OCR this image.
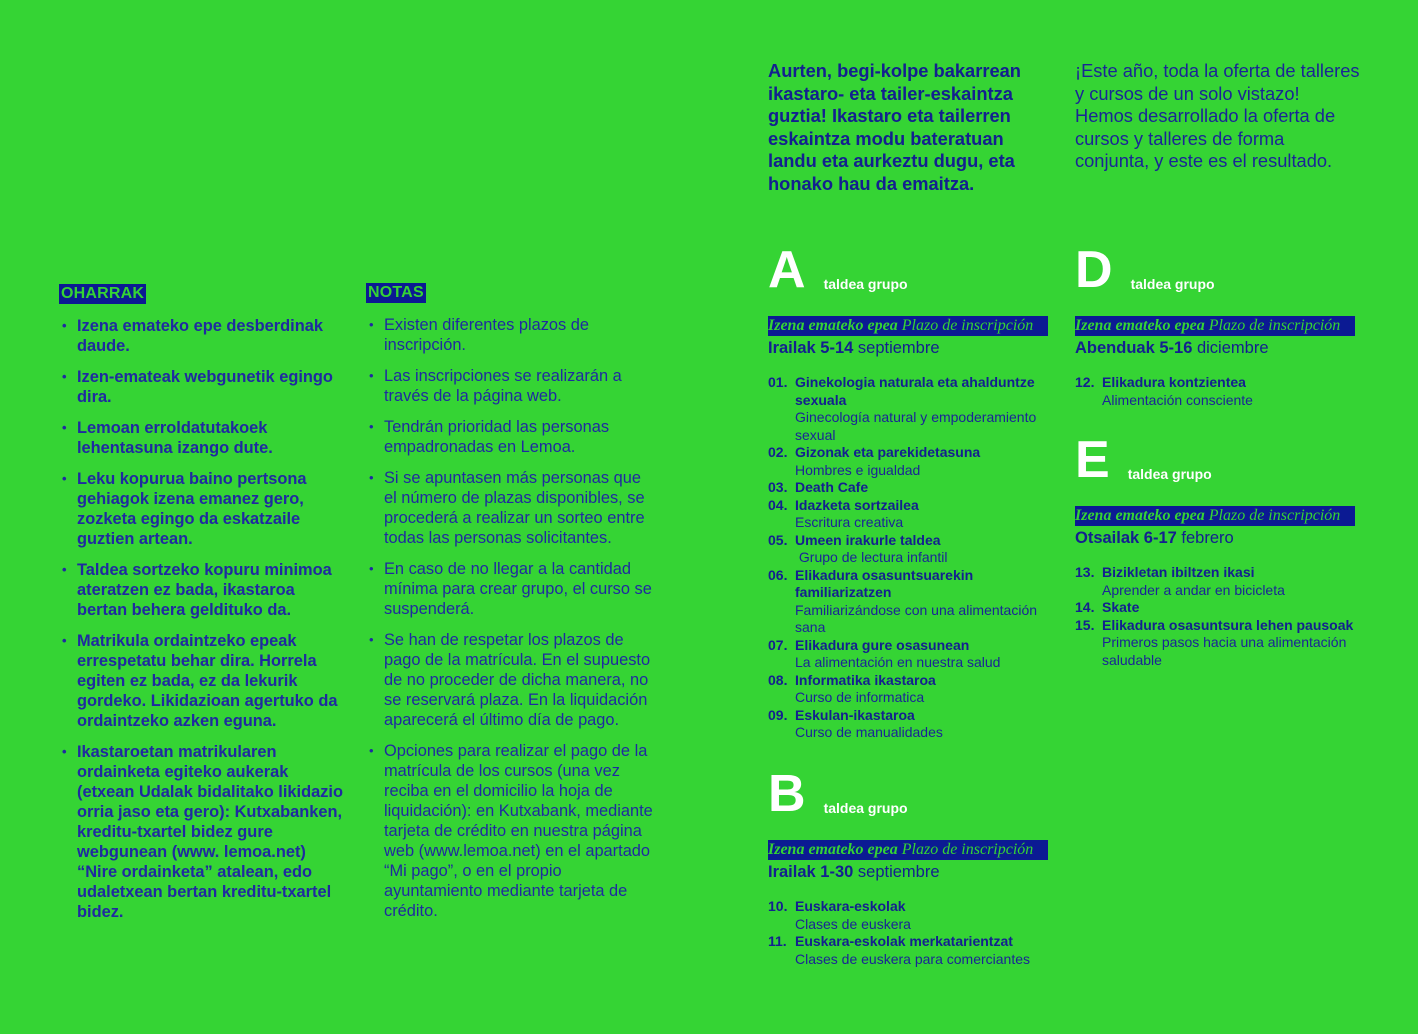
OHARRAK
• Izena emateko epe desberdinak daude.
• Izen-emateak webgunetik egingo dira.
• Lemoan erroldatutakoek lehentasuna izango dute.
• Leku kopurua baino pertsona gehiagok izena emanez gero, zozketa egingo da eskatzaile guztien artean.
• Taldea sortzeko kopuru minimoa ateratzen ez bada, ikastaroa bertan behera geldituko da.
• Matrikula ordaintzeko epeak errespetatu behar dira. Horrela egiten ez bada, ez da lekurik gordeko. Likidazioan agertuko da ordaintzeko azken eguna.
• Ikastaroetan matrikularen ordainketa egiteko aukerak (etxean Udalak bidalitako likidazio orria jaso eta gero): Kutxabanken, kreditu-txartel bidez gure webgunean (www. lemoa.net) “Nire ordainketa” atalean, edo udaletxean bertan kreditu-txartel bidez.
NOTAS
• Existen diferentes plazos de inscripción.
• Las inscripciones se realizarán a través de la página web.
• Tendrán prioridad las personas empadronadas en Lemoa.
• Si se apuntasen más personas que el número de plazas disponibles, se procederá a realizar un sorteo entre todas las personas solicitantes.
• En caso de no llegar a la cantidad mínima para crear grupo, el curso se suspenderá.
• Se han de respetar los plazos de pago de la matrícula. En el supuesto de no proceder de dicha manera, no se reservará plaza. En la liquidación aparecerá el último día de pago.
• Opciones para realizar el pago de la matrícula de los cursos (una vez reciba en el domicilio la hoja de liquidación): en Kutxabank, mediante tarjeta de crédito en nuestra página web (www.lemoa.net) en el apartado “Mi pago”, o en el propio ayuntamiento mediante tarjeta de crédito.
Aurten, begi-kolpe bakarrean ikastaro- eta tailer-eskaintza guztia! Ikastaro eta tailerren eskaintza modu bateratuan landu eta aurkeztu dugu, eta honako hau da emaitza.
¡Este año, toda la oferta de talleres y cursos de un solo vistazo! Hemos desarrollado la oferta de cursos y talleres de forma conjunta, y este es el resultado.
A taldea grupo
Izena emateko epea Plazo de inscripción
Irailak 5-14 septiembre
01. Ginekologia naturala eta ahalduntze sexuala
Ginecología natural y empoderamiento sexual
02. Gizonak eta parekidetasuna
Hombres e igualdad
03. Death Cafe
04. Idazketa sortzailea
Escritura creativa
05. Umeen irakurle taldea
Grupo de lectura infantil
06. Elikadura osasuntsuarekin familiarizatzen
Familiarizándose con una alimentación sana
07. Elikadura gure osasunean
La alimentación en nuestra salud
08. Informatika ikastaroa
Curso de informatica
09. Eskulan-ikastaroa
Curso de manualidades
B taldea grupo
Izena emateko epea Plazo de inscripción
Irailak 1-30 septiembre
10. Euskara-eskolak
Clases de euskera
11. Euskara-eskolak merkatarientzat
Clases de euskera para comerciantes
D taldea grupo
Izena emateko epea Plazo de inscripción
Abenduak 5-16 diciembre
12. Elikadura kontzientea
Alimentación consciente
E taldea grupo
Izena emateko epea Plazo de inscripción
Otsailak 6-17 febrero
13. Bizikletan ibiltzen ikasi
Aprender a andar en bicicleta
14. Skate
15. Elikadura osasuntsura lehen pausoak
Primeros pasos hacia una alimentación saludable
